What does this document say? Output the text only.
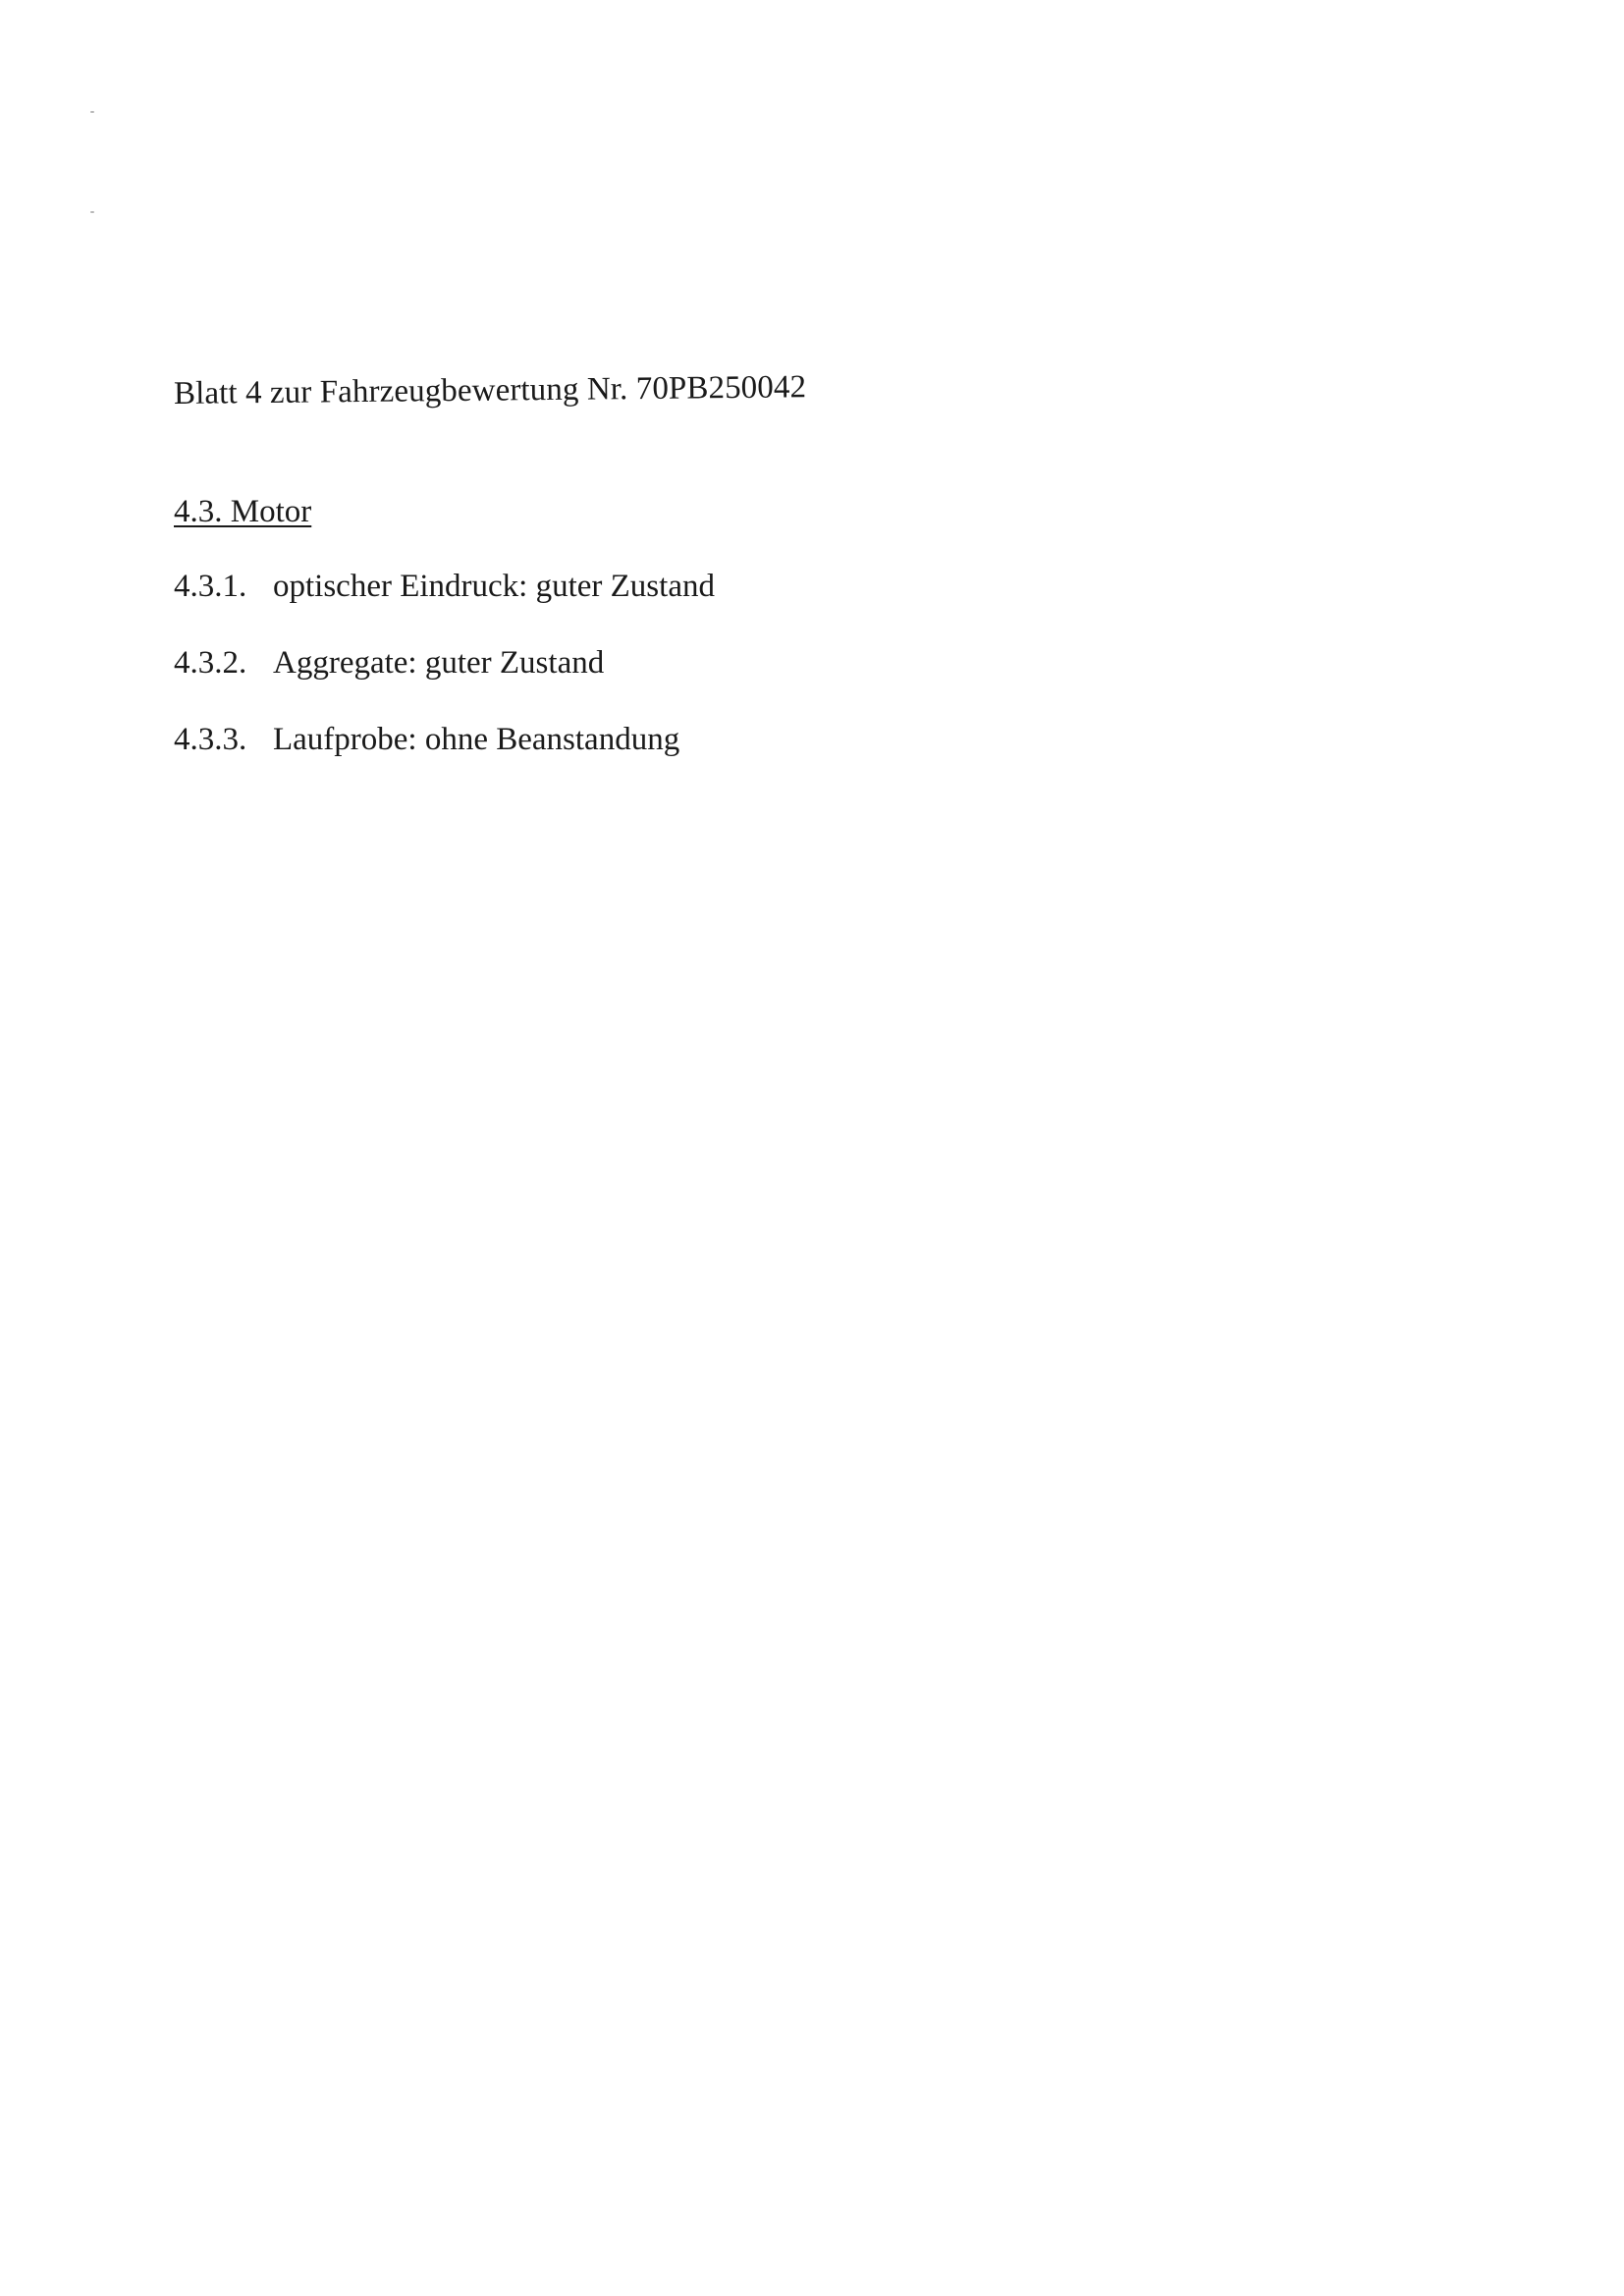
Blatt 4 zur Fahrzeugbewertung Nr. 70PB250042
4.3. Motor
4.3.1. optischer Eindruck: guter Zustand
4.3.2. Aggregate: guter Zustand
4.3.3. Laufprobe: ohne Beanstandung
